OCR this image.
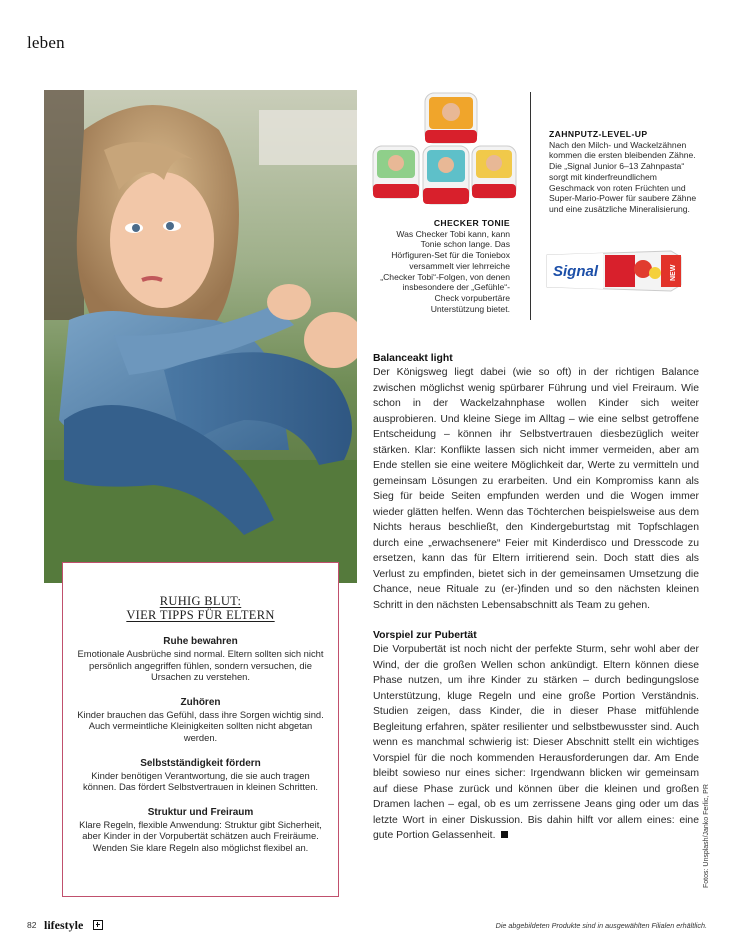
leben
RUHIG BLUT:
VIER TIPPS FÜR ELTERN
Ruhe bewahren

Emotionale Ausbrüche sind normal. Eltern sollten sich nicht persönlich angegriffen fühlen, sondern versuchen, die Ursachen zu verstehen.

Zuhören

Kinder brauchen das Gefühl, dass ihre Sorgen wichtig sind. Auch vermeintliche Kleinigkeiten sollten nicht abgetan werden.

Selbstständigkeit fördern

Kinder benötigen Verantwortung, die sie auch tragen können. Das fördert Selbstvertrauen in kleinen Schritten.

Struktur und Freiraum

Klare Regeln, flexible Anwendung: Struktur gibt Sicherheit, aber Kinder in der Vorpubertät schätzen auch Freiräume. Wenden Sie klare Regeln also möglichst flexibel an.

CHECKER TONIE
Was Checker Tobi kann, kann Tonie schon lange. Das Hörfiguren-Set für die Toniebox versammelt vier lehrreiche „Checker Tobi“-Folgen, von denen insbesondere der „Gefühle“-Check vorpubertäre Unterstützung bietet.
ZAHNPUTZ-LEVEL-UP
Nach den Milch- und Wackelzähnen kommen die ersten bleibenden Zähne. Die „Signal Junior 6–13 Zahnpasta“ sorgt mit kinderfreundlichem Geschmack von roten Früchten und Super-Mario-Power für saubere Zähne und eine zusätzliche Mineralisierung.
Signal	NEW
Balanceakt light

Der Königsweg liegt dabei (wie so oft) in der richtigen Balance zwischen möglichst wenig spürbarer Führung und viel Freiraum. Wie schon in der Wackelzahnphase wollen Kinder sich weiter ausprobieren. Und kleine Siege im Alltag – wie eine selbst getroffene Entscheidung – können ihr Selbstvertrauen diesbezüglich weiter stärken. Klar: Konflikte lassen sich nicht immer vermeiden, aber am Ende stellen sie eine weitere Möglichkeit dar, Werte zu vermitteln und gemeinsam Lösungen zu erarbeiten. Und ein Kompromiss kann als Sieg für beide Seiten empfunden werden und die Wogen immer wieder glätten helfen. Wenn das Töchterchen beispielsweise aus dem Nichts heraus beschließt, den Kindergeburtstag mit Topfschlagen durch eine „erwachsenere“ Feier mit Kinderdisco und Dresscode zu ersetzen, kann das für Eltern irritierend sein. Doch statt dies als Verlust zu empfinden, bietet sich in der gemeinsamen Umsetzung die Chance, neue Rituale zu (er-)finden und so den nächsten kleinen Schritt in den nächsten Lebensabschnitt als Team zu gehen.

Vorspiel zur Pubertät

Die Vorpubertät ist noch nicht der perfekte Sturm, sehr wohl aber der Wind, der die großen Wellen schon ankündigt. Eltern können diese Phase nutzen, um ihre Kinder zu stärken – durch bedingungslose Unterstützung, kluge Regeln und eine große Portion Verständnis. Studien zeigen, dass Kinder, die in dieser Phase mitfühlende Begleitung erfahren, später resilienter und selbstbewusster sind. Auch wenn es manchmal schwierig ist: Dieser Abschnitt stellt ein wichtiges Vorspiel für die noch kommenden Herausforderungen dar. Am Ende bleibt sowieso nur eines sicher: Irgendwann blicken wir gemeinsam auf diese Phase zurück und können über die kleinen und großen Dramen lachen – egal, ob es um zerrissene Jeans ging oder um das letzte Wort in einer Diskussion. Bis dahin hilft vor allem eines: eine gute Portion Gelassenheit.	Fotos: Unsplash/Janko Ferlic, PR
82 lifestyle	Die abgebildeten Produkte sind in ausgewählten Filialen erhältlich.
